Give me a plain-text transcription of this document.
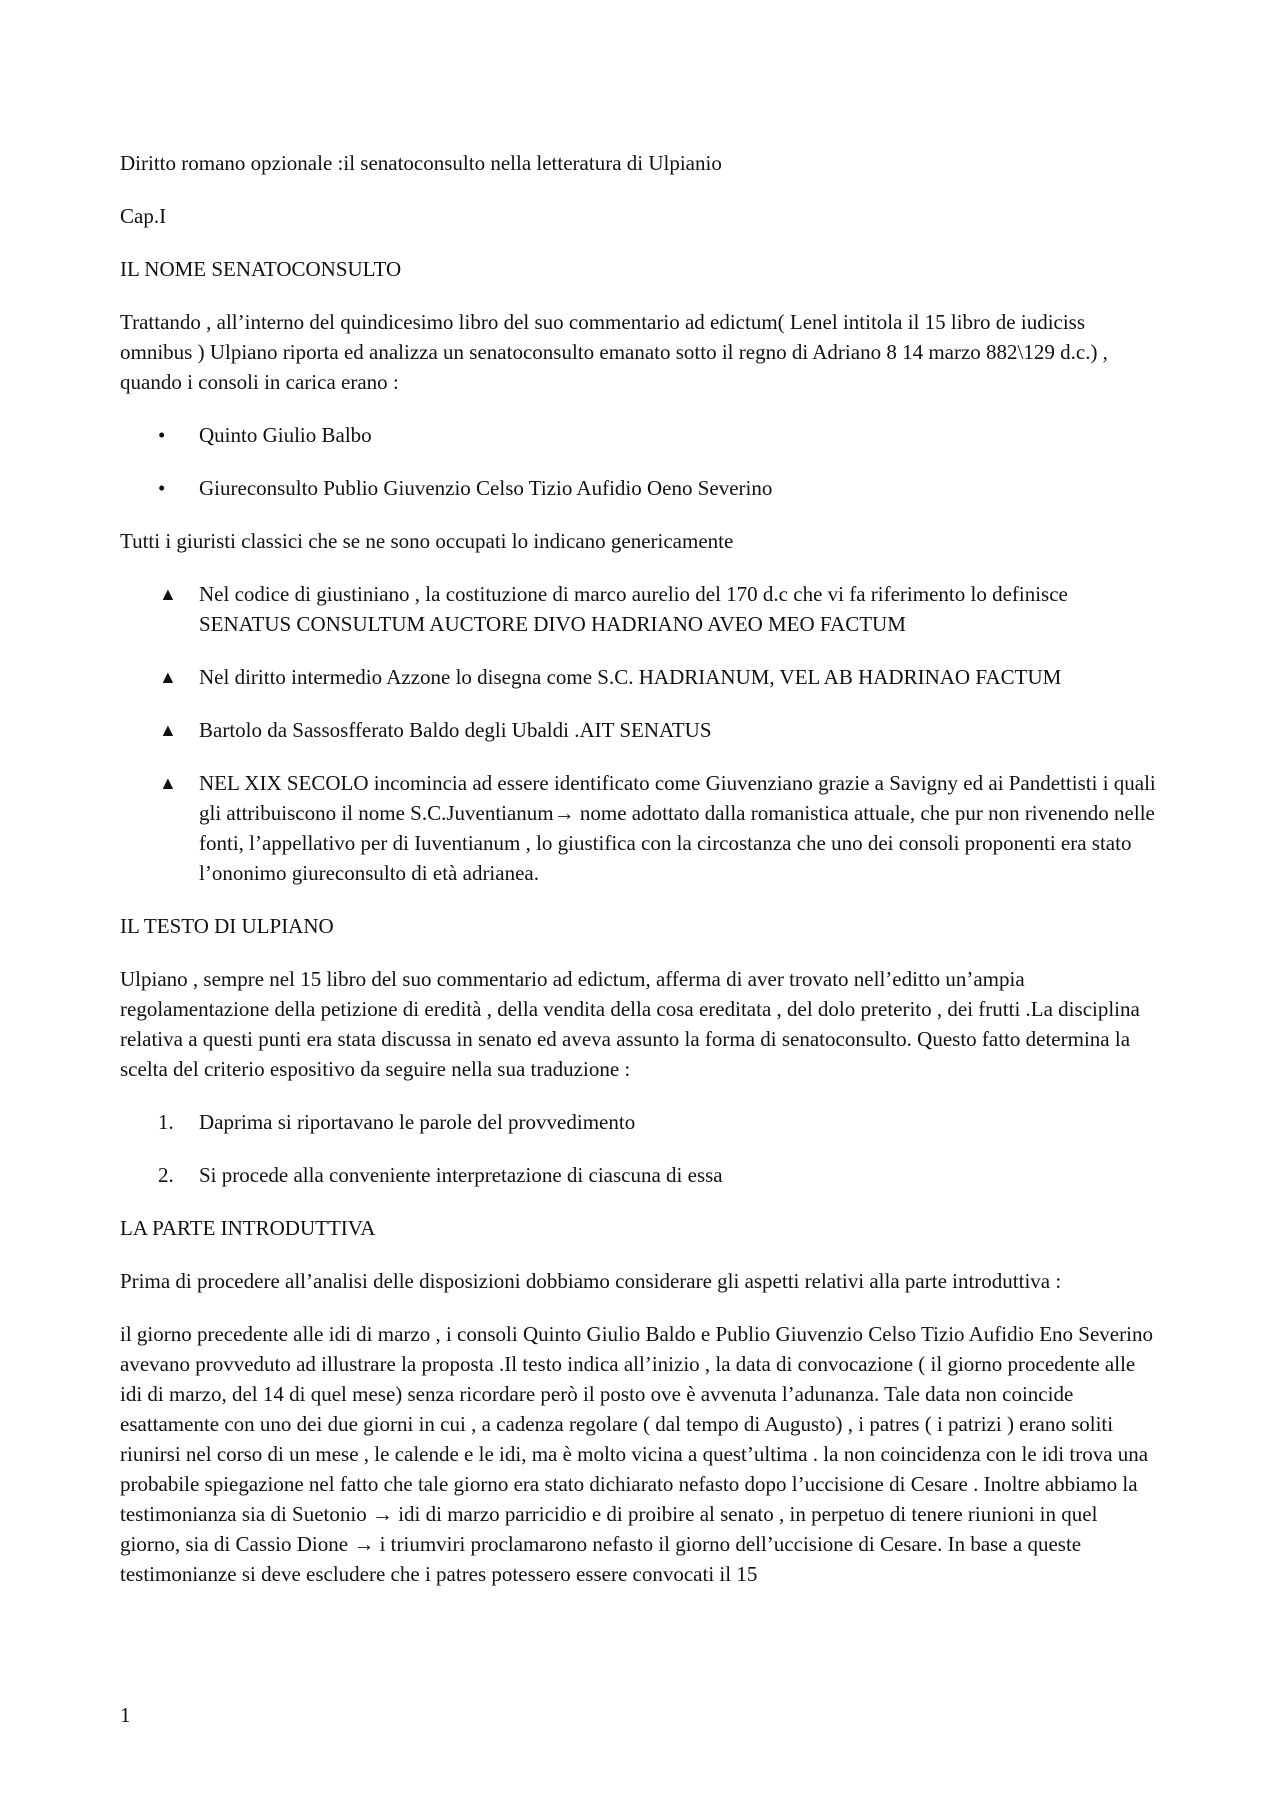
Diritto romano opzionale :il senatoconsulto nella letteratura di Ulpianio

Cap.I

IL NOME SENATOCONSULTO

Trattando , all’interno del quindicesimo libro del suo commentario ad edictum( Lenel intitola il 15 libro de iudiciss omnibus ) Ulpiano riporta ed analizza un senatoconsulto emanato sotto il regno di Adriano 8 14 marzo 882\129 d.c.) , quando i consoli in carica erano :

•	Quinto Giulio Balbo
•	Giureconsulto Publio Giuvenzio Celso Tizio Aufidio Oeno Severino

Tutti i giuristi classici che se ne sono occupati lo indicano genericamente

▲	Nel codice di giustiniano , la costituzione di marco aurelio del 170 d.c che vi fa riferimento lo definisce SENATUS CONSULTUM AUCTORE DIVO HADRIANO AVEO MEO FACTUM
▲	Nel diritto intermedio Azzone lo disegna come S.C. HADRIANUM, VEL AB HADRINAO FACTUM
▲	Bartolo da Sassosfferato Baldo degli Ubaldi .AIT SENATUS
▲	NEL XIX SECOLO incomincia ad essere identificato come Giuvenziano grazie a Savigny ed ai Pandettisti i quali gli attribuiscono il nome S.C.Juventianum→ nome adottato dalla romanistica attuale, che pur non rivenendo nelle fonti, l’appellativo per di Iuventianum , lo giustifica con la circostanza che uno dei consoli proponenti era stato l’ononimo giureconsulto di età adrianea.

IL TESTO DI ULPIANO

Ulpiano , sempre nel 15 libro del suo commentario ad edictum, afferma di aver trovato nell’editto un’ampia regolamentazione della petizione di eredità , della vendita della cosa ereditata , del dolo preterito , dei frutti .La disciplina relativa a questi punti era stata discussa in senato ed aveva assunto la forma di senatoconsulto. Questo fatto determina la scelta del criterio espositivo da seguire nella sua traduzione :

1.	Daprima si riportavano le parole del provvedimento
2.	Si procede alla conveniente interpretazione di ciascuna di essa

LA PARTE INTRODUTTIVA

Prima di procedere all’analisi delle disposizioni dobbiamo considerare gli aspetti relativi alla parte introduttiva :

il giorno precedente alle idi di marzo , i consoli Quinto Giulio Baldo e Publio Giuvenzio Celso Tizio Aufidio Eno Severino avevano provveduto ad illustrare la proposta .Il testo indica all’inizio , la data di convocazione ( il giorno procedente alle idi di marzo, del 14 di quel mese) senza ricordare però il posto ove è avvenuta l’adunanza. Tale data non coincide esattamente con uno dei due giorni in cui , a cadenza regolare ( dal tempo di Augusto) , i patres ( i patrizi ) erano soliti riunirsi nel corso di un mese , le calende e le idi, ma è molto vicina a quest’ultima . la non coincidenza con le idi trova una probabile spiegazione nel fatto che tale giorno era stato dichiarato nefasto dopo l’uccisione di Cesare . Inoltre abbiamo la testimonianza sia di Suetonio → idi di marzo parricidio e di proibire al senato , in perpetuo di tenere riunioni in quel giorno, sia di Cassio Dione → i triumviri proclamarono nefasto il giorno dell’uccisione di Cesare. In base a queste testimonianze si deve escludere che i patres potessero essere convocati il 15

1
